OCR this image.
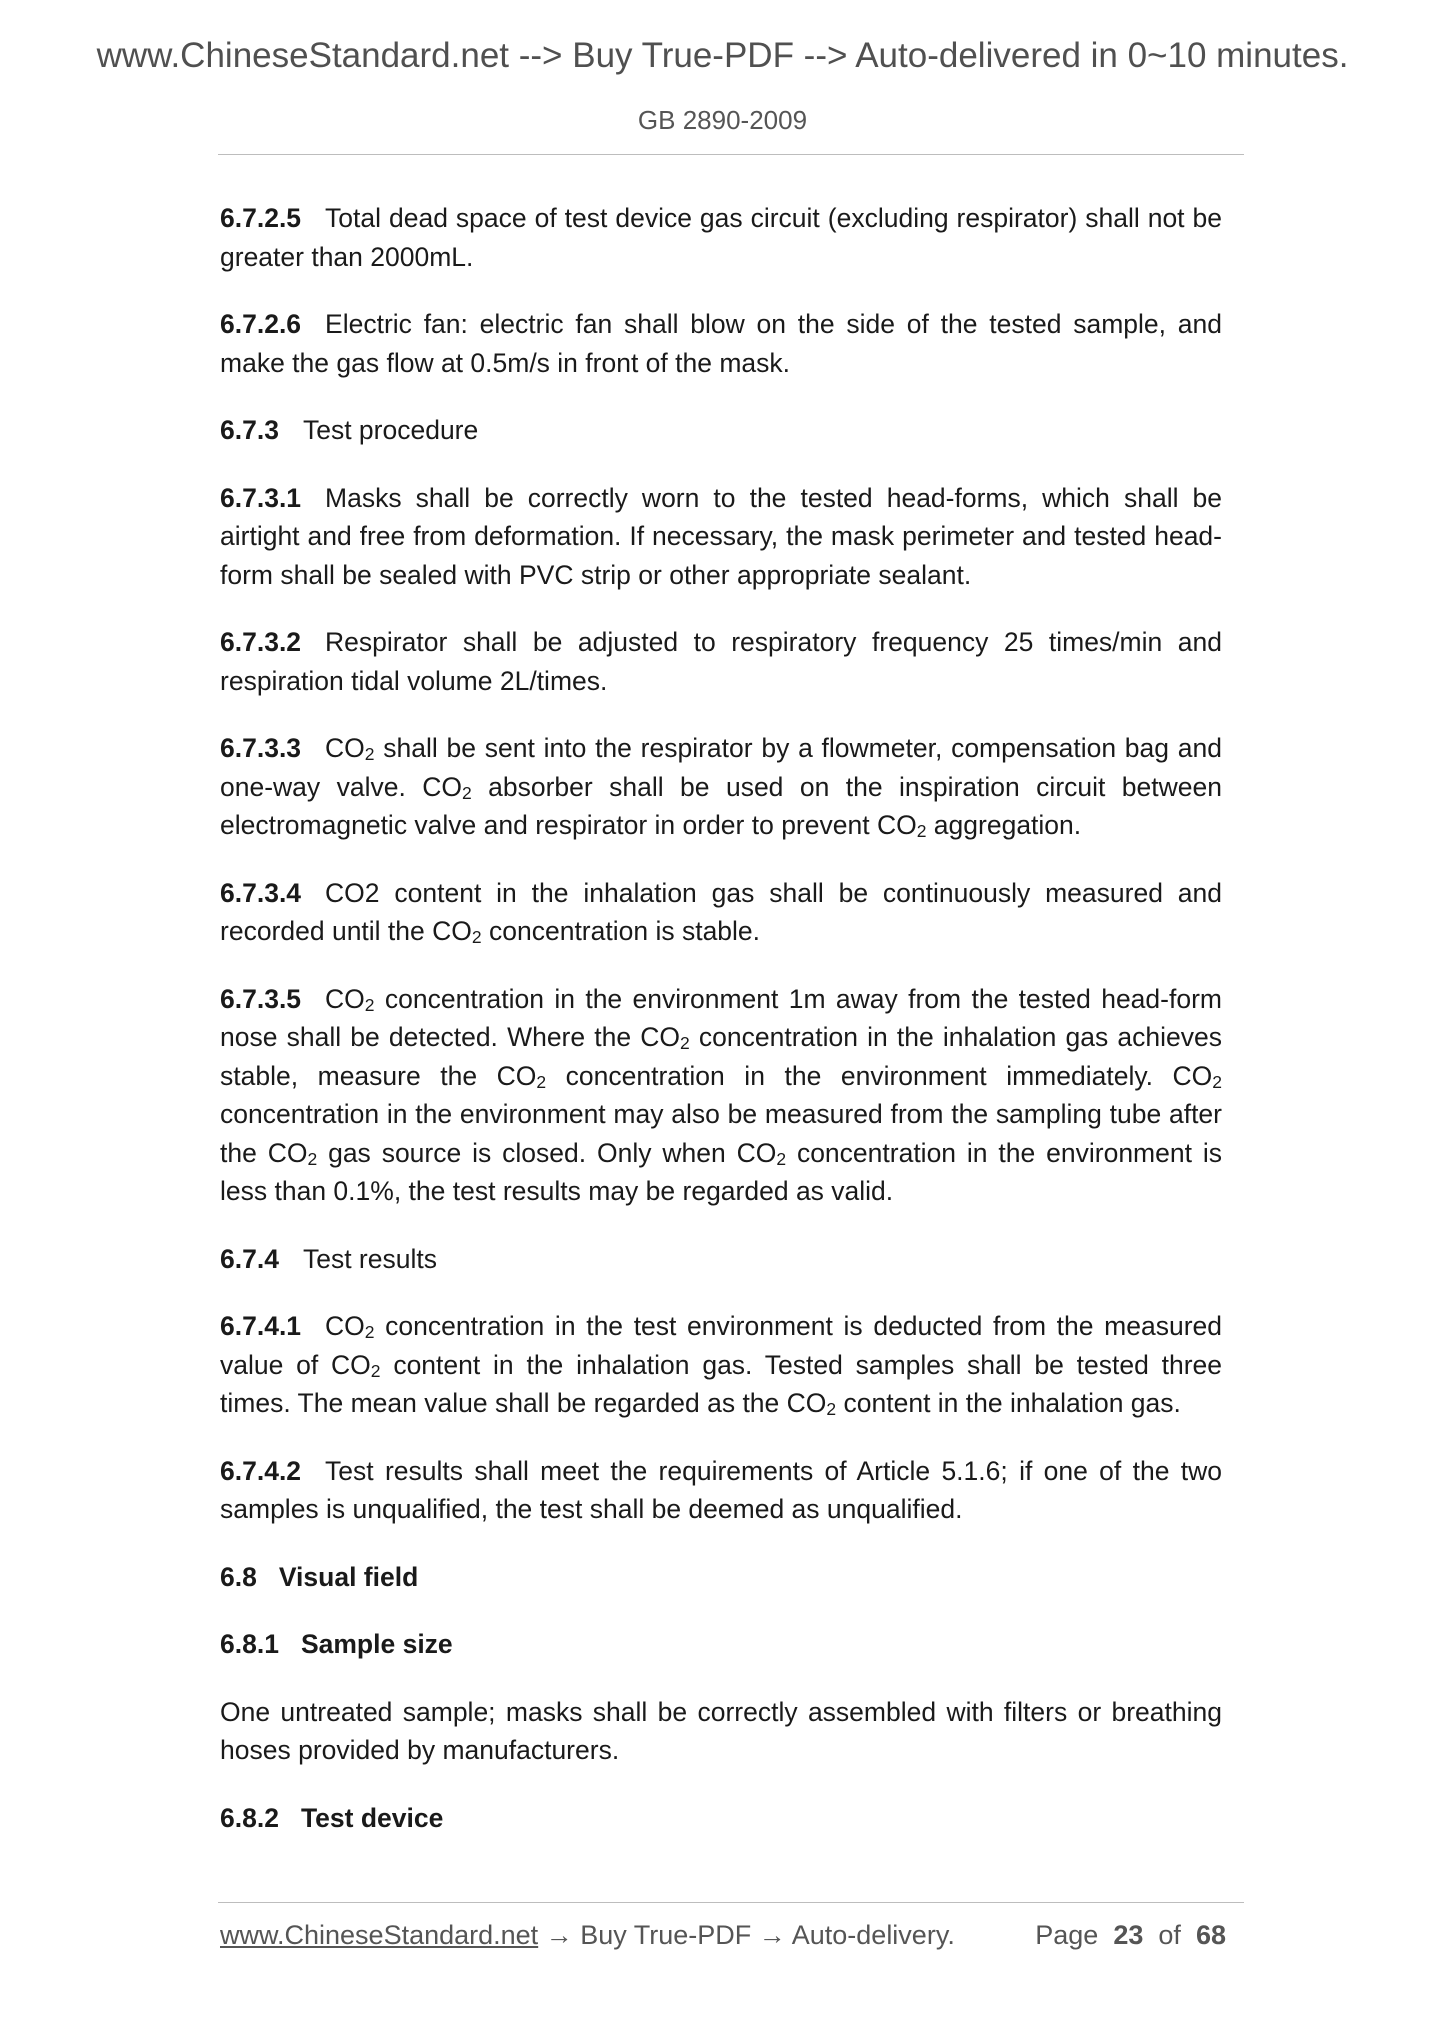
www.ChineseStandard.net --> Buy True-PDF --> Auto-delivered in 0~10 minutes.
GB 2890-2009
6.7.2.5 Total dead space of test device gas circuit (excluding respirator) shall not be greater than 2000mL.
6.7.2.6 Electric fan: electric fan shall blow on the side of the tested sample, and make the gas flow at 0.5m/s in front of the mask.
6.7.3 Test procedure
6.7.3.1 Masks shall be correctly worn to the tested head-forms, which shall be airtight and free from deformation. If necessary, the mask perimeter and tested head-form shall be sealed with PVC strip or other appropriate sealant.
6.7.3.2 Respirator shall be adjusted to respiratory frequency 25 times/min and respiration tidal volume 2L/times.
6.7.3.3 $CO_2$ shall be sent into the respirator by a flowmeter, compensation bag and one-way valve. $CO_2$ absorber shall be used on the inspiration circuit between electromagnetic valve and respirator in order to prevent $CO_2$ aggregation.
6.7.3.4 CO2 content in the inhalation gas shall be continuously measured and recorded until the $CO_2$ concentration is stable.
6.7.3.5 $CO_2$ concentration in the environment 1m away from the tested head-form nose shall be detected. Where the $CO_2$ concentration in the inhalation gas achieves stable, measure the $CO_2$ concentration in the environment immediately. $CO_2$ concentration in the environment may also be measured from the sampling tube after the $CO_2$ gas source is closed. Only when $CO_2$ concentration in the environment is less than 0.1%, the test results may be regarded as valid.
6.7.4 Test results
6.7.4.1 $CO_2$ concentration in the test environment is deducted from the measured value of $CO_2$ content in the inhalation gas. Tested samples shall be tested three times. The mean value shall be regarded as the $CO_2$ content in the inhalation gas.
6.7.4.2 Test results shall meet the requirements of Article 5.1.6; if one of the two samples is unqualified, the test shall be deemed as unqualified.
6.8 Visual field
6.8.1 Sample size
One untreated sample; masks shall be correctly assembled with filters or breathing hoses provided by manufacturers.
6.8.2 Test device
www.ChineseStandard.net → Buy True-PDF → Auto-delivery.	Page 23 of 68
